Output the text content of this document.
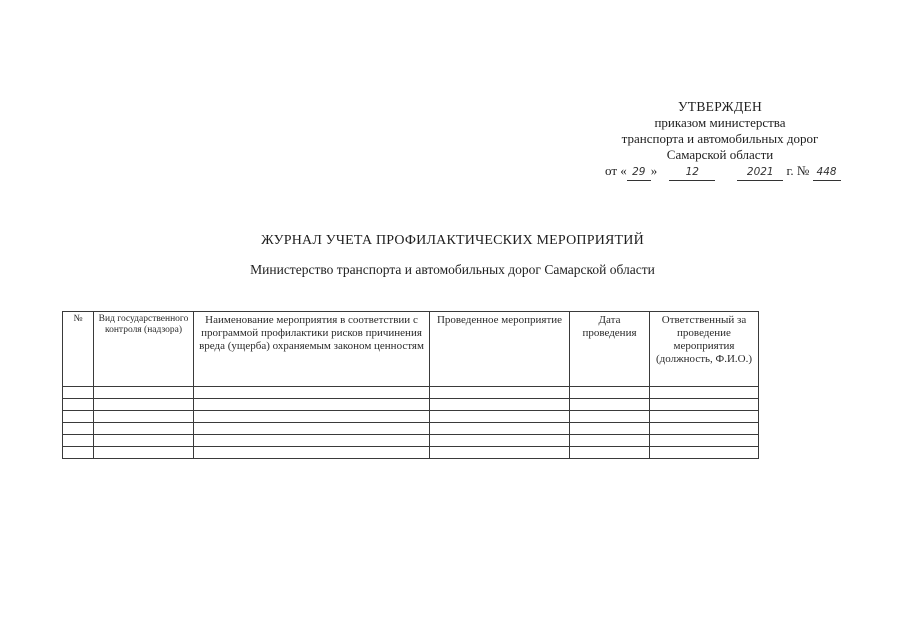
УТВЕРЖДЕН
приказом министерства
транспорта и автомобильных дорог
Самарской области
от « 29 »	12	2021 г. № 448
ЖУРНАЛ УЧЕТА ПРОФИЛАКТИЧЕСКИХ МЕРОПРИЯТИЙ
Министерство транспорта и автомобильных дорог Самарской области
№	Вид государственного контроля (надзора)	Наименование мероприятия в соответствии с программой профилактики рисков причинения вреда (ущерба) охраняемым законом ценностям	Проведенное мероприятие	Дата проведения	Ответственный за проведение мероприятия (должность, Ф.И.О.)
